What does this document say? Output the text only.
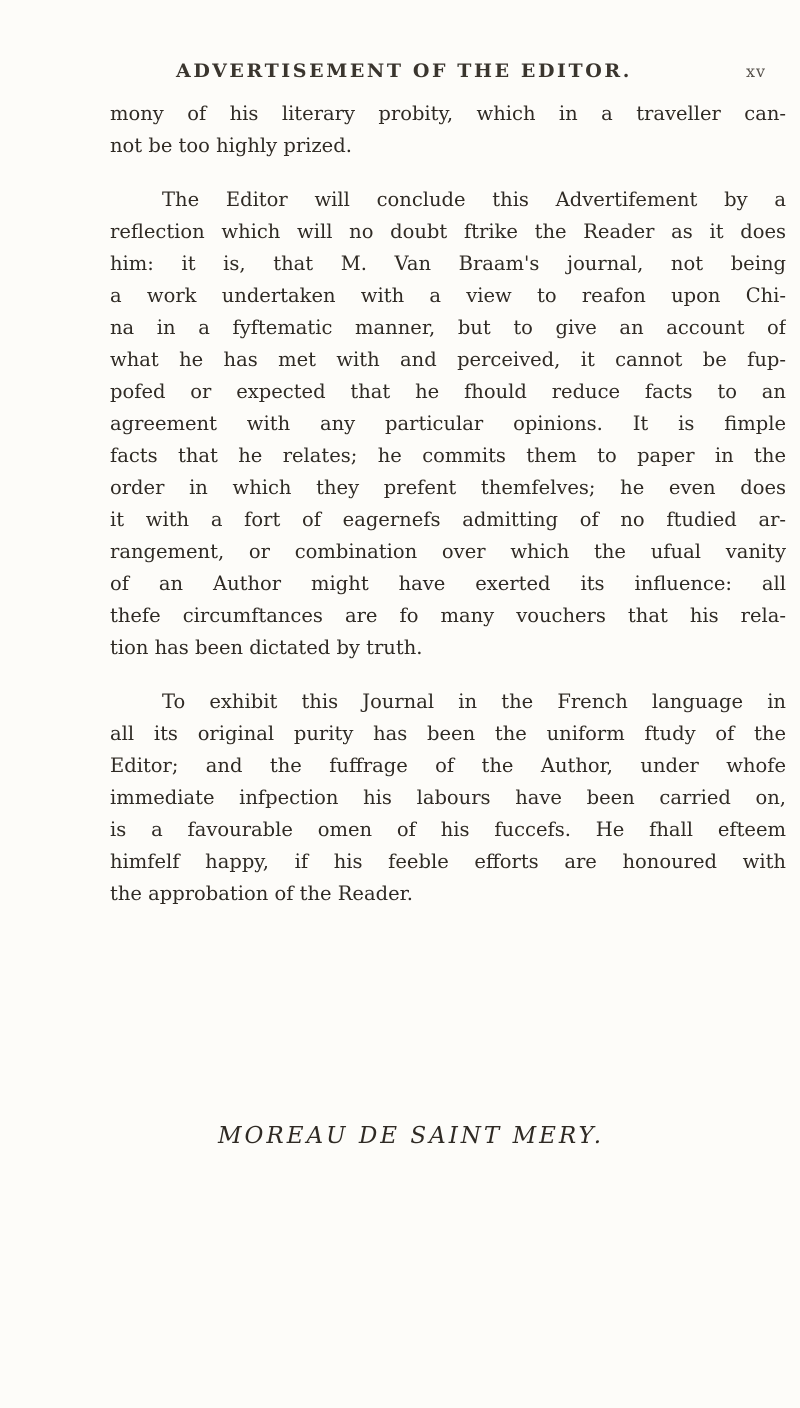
ADVERTISEMENT OF THE EDITOR.	xv
mony of his literary probity, which in a traveller can-
not be too highly prized.
The Editor will conclude this Advertifement by a
reflection which will no doubt ftrike the Reader as it does
him: it is, that M. Van Braam's journal, not being
a work undertaken with a view to reafon upon Chi-
na in a fyftematic manner, but to give an account of
what he has met with and perceived, it cannot be fup-
pofed or expected that he fhould reduce facts to an
agreement with any particular opinions. It is fimple
facts that he relates; he commits them to paper in the
order in which they prefent themfelves; he even does
it with a fort of eagernefs admitting of no ftudied ar-
rangement, or combination over which the ufual vanity
of an Author might have exerted its influence: all
thefe circumftances are fo many vouchers that his rela-
tion has been dictated by truth.
To exhibit this Journal in the French language in
all its original purity has been the uniform ftudy of the
Editor; and the fuffrage of the Author, under whofe
immediate infpection his labours have been carried on,
is a favourable omen of his fuccefs. He fhall efteem
himfelf happy, if his feeble efforts are honoured with
the approbation of the Reader.
MOREAU DE SAINT MERY.
